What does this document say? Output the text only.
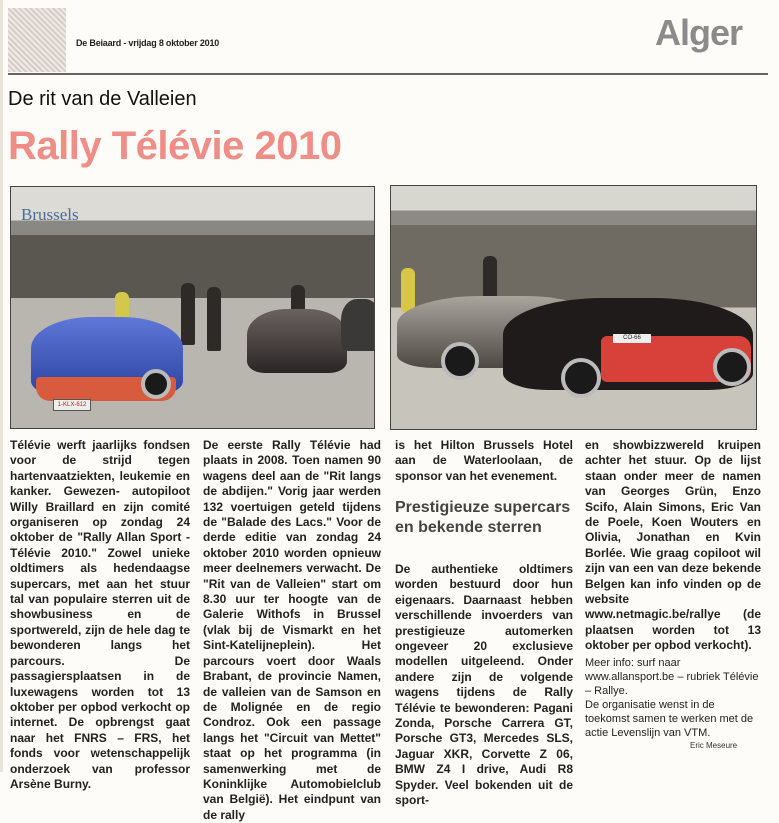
De Beiaard - vrijdag 8 oktober 2010	Alger
De rit van de Valleien
Rally Télévie 2010
Brussels
1-KLX-612
CO-66

Télévie werft jaarlijks fondsen voor de strijd tegen hartenvaatziekten, leukemie en kanker. Gewezen- autopiloot Willy Braillard en zijn comité organiseren op zondag 24 oktober de "Rally Allan Sport - Télévie 2010." Zowel unieke oldtimers als hedendaagse supercars, met aan het stuur tal van populaire sterren uit de showbusiness en de sportwereld, zijn de hele dag te bewonderen langs het parcours. De passagiersplaatsen in de luxewagens worden tot 13 oktober per opbod verkocht op internet. De opbrengst gaat naar het FNRS – FRS, het fonds voor wetenschappelijk onderzoek van professor Arsène Burny.

De eerste Rally Télévie had plaats in 2008. Toen namen 90 wagens deel aan de "Rit langs de abdijen." Vorig jaar werden 132 voertuigen geteld tijdens de "Balade des Lacs." Voor de derde editie van zondag 24 oktober 2010 worden opnieuw meer deelnemers verwacht. De "Rit van de Valleien" start om 8.30 uur ter hoogte van de Galerie Withofs in Brussel (vlak bij de Vismarkt en het Sint-Katelijneplein). Het parcours voert door Waals Brabant, de provincie Namen, de valleien van de Samson en de Molignée en de regio Condroz. Ook een passage langs het "Circuit van Mettet" staat op het programma (in samenwerking met de Koninklijke Automobielclub van België). Het eindpunt van de rally

is het Hilton Brussels Hotel aan de Waterloolaan, de sponsor van het evenement.

Prestigieuze supercars en bekende sterren

De authentieke oldtimers worden bestuurd door hun eigenaars. Daarnaast hebben verschillende invoerders van prestigieuze automerken ongeveer 20 exclusieve modellen uitgeleend. Onder andere zijn de volgende wagens tijdens de Rally Télévie te bewonderen: Pagani Zonda, Porsche Carrera GT, Porsche GT3, Mercedes SLS, Jaguar XKR, Corvette Z 06, BMW Z4 I drive, Audi R8 Spyder. Veel bokenden uit de sport-

en showbizzwereld kruipen achter het stuur. Op de lijst staan onder meer de namen van Georges Grün, Enzo Scifo, Alain Simons, Eric Van de Poele, Koen Wouters en Olivia, Jonathan en Kvin Borlée. Wie graag copiloot wil zijn van een van deze bekende Belgen kan info vinden op de website www.netmagic.be/rallye (de plaatsen worden tot 13 oktober per opbod verkocht).

Meer info: surf naar www.allansport.be – rubriek Télévie – Rallye.

De organisatie wenst in de toekomst samen te werken met de actie Levenslijn van VTM.

Eric Meseure
